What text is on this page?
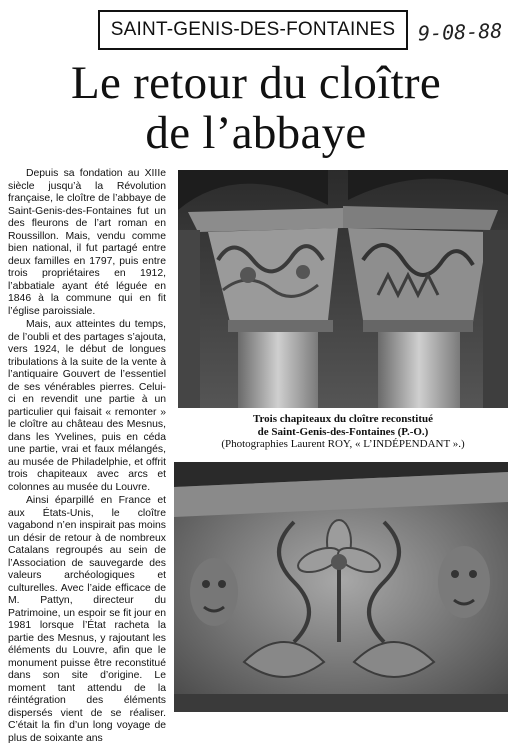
SAINT-GENIS-DES-FONTAINES 9-08-88
Le retour du cloître
de l’abbaye

Depuis sa fondation au XIIIe siècle jusqu’à la Révolution française, le cloître de l’abbaye de Saint-Genis-des-Fontaines fut un des fleurons de l’art roman en Roussillon. Mais, vendu comme bien national, il fut partagé entre deux familles en 1797, puis entre trois propriétaires en 1912, l’abbatiale ayant été léguée en 1846 à la commune qui en fit l’église paroissiale.

Mais, aux atteintes du temps, de l’oubli et des partages s’ajouta, vers 1924, le début de longues tribulations à la suite de la vente à l’antiquaire Gouvert de l’essentiel de ses vénérables pierres. Celui-ci en revendit une partie à un particulier qui faisait « remonter » le cloître au château des Mesnus, dans les Yvelines, puis en céda une partie, vrai et faux mélangés, au musée de Philadelphie, et offrit trois chapiteaux avec arcs et colonnes au musée du Louvre.

Ainsi éparpillé en France et aux États-Unis, le cloître vagabond n’en inspirait pas moins un désir de retour à de nombreux Catalans regroupés au sein de l’Association de sauvegarde des valeurs archéologiques et culturelles. Avec l’aide efficace de M. Pattyn, directeur du Patrimoine, un espoir se fit jour en 1981 lorsque l’État racheta la partie des Mesnus, y rajoutant les éléments du Louvre, afin que le monument puisse être reconstitué dans son site d’origine. Le moment tant attendu de la réintégration des éléments dispersés vient de se réaliser. C’était la fin d’un long voyage de plus de soixante ans

Trois chapiteaux du cloître reconstitué
de Saint-Genis-des-Fontaines (P.-O.)
(Photographies Laurent ROY, « L’INDÉPENDANT ».)
